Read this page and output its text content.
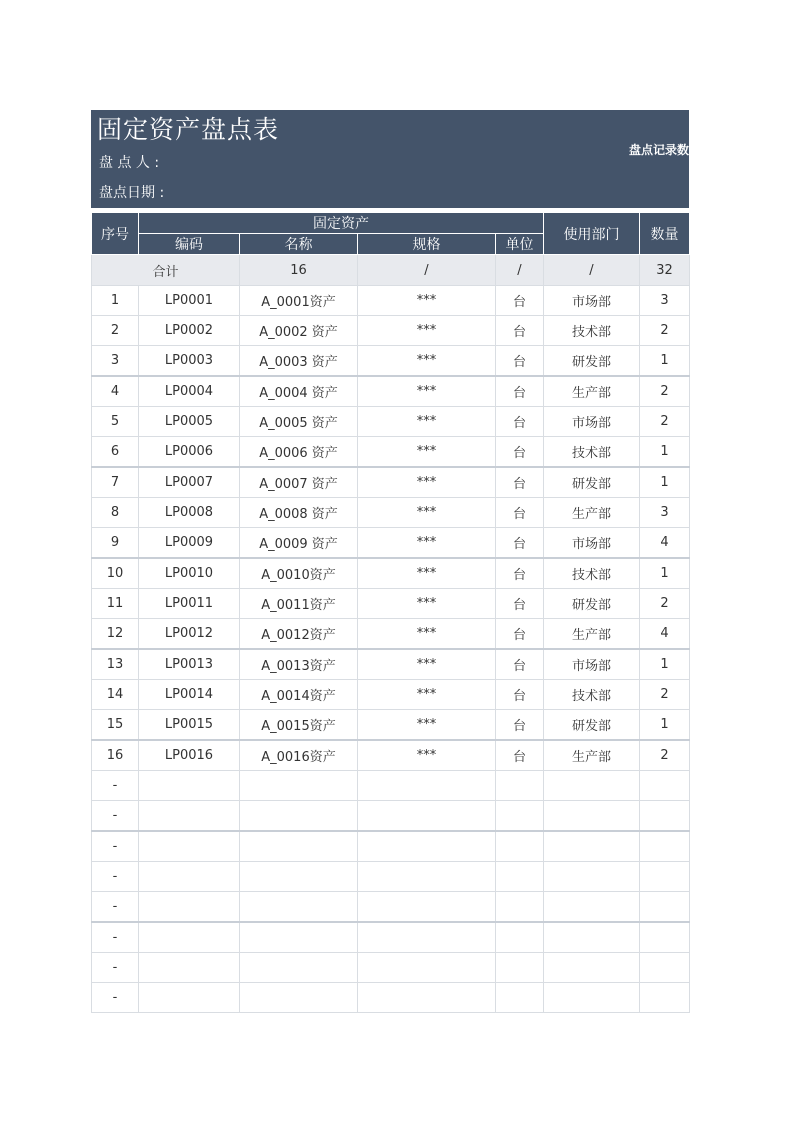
固定资产盘点表
盘 点 人 :
盘点日期 :
盘点记录数
序号	固定资产				使用部门	数量
	编码	名称	规格	单位		
合计		16	/	/	/	32
1	LP0001	A_0001资产	***	台	市场部	3
2	LP0002	A_0002 资产	***	台	技术部	2
3	LP0003	A_0003 资产	***	台	研发部	1
4	LP0004	A_0004 资产	***	台	生产部	2
5	LP0005	A_0005 资产	***	台	市场部	2
6	LP0006	A_0006 资产	***	台	技术部	1
7	LP0007	A_0007 资产	***	台	研发部	1
8	LP0008	A_0008 资产	***	台	生产部	3
9	LP0009	A_0009 资产	***	台	市场部	4
10	LP0010	A_0010资产	***	台	技术部	1
11	LP0011	A_0011资产	***	台	研发部	2
12	LP0012	A_0012资产	***	台	生产部	4
13	LP0013	A_0013资产	***	台	市场部	1
14	LP0014	A_0014资产	***	台	技术部	2
15	LP0015	A_0015资产	***	台	研发部	1
16	LP0016	A_0016资产	***	台	生产部	2
-						
-						
-						
-						
-						
-						
-						
-						
